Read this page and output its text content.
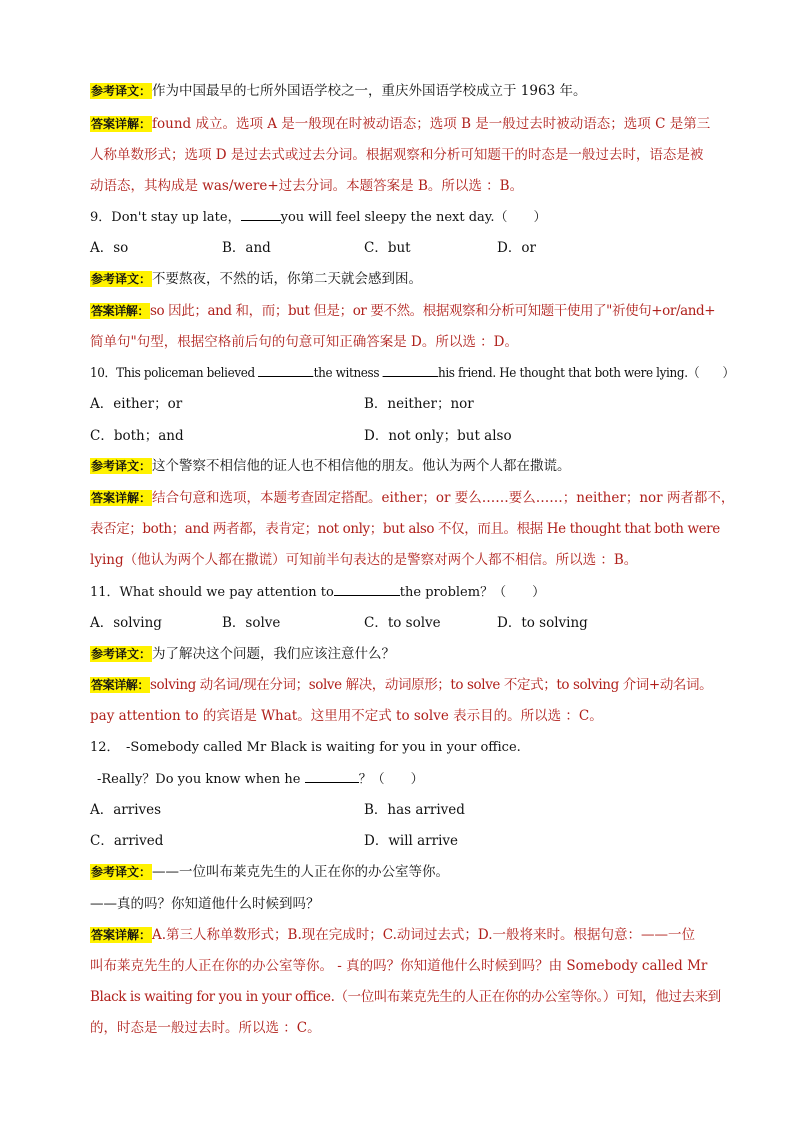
参考译文：作为中国最早的七所外国语学校之一，重庆外国语学校成立于 1963 年。
答案详解：found 成立。选项 A 是一般现在时被动语态；选项 B 是一般过去时被动语态；选项 C 是第三
人称单数形式；选项 D 是过去式或过去分词。根据观察和分析可知题干的时态是一般过去时，语态是被
动语态，其构成是 was/were+过去分词。本题答案是 B。所以选 ：B。
9．Don't stay up late，	you will feel sleepy the next day.（　　）
A．so	B．and	C．but	D．or
参考译文：不要熬夜，不然的话，你第二天就会感到困。
答案详解：so 因此；and 和，而；but 但是；or 要不然。根据观察和分析可知题干使用了"祈使句+or/and+
简单句"句型，根据空格前后句的句意可知正确答案是 D。所以选 ：D。
10．This policeman believed	the witness	his friend. He thought that both were lying.（　　）
A．either；or	B．neither；nor
C．both；and	D．not only；but also
参考译文：这个警察不相信他的证人也不相信他的朋友。他认为两个人都在撒谎。
答案详解：结合句意和选项，本题考查固定搭配。either；or 要么……要么……；neither；nor 两者都不，
表否定；both；and 两者都，表肯定；not only；but also 不仅，而且。根据 He thought that both were
lying（他认为两个人都在撒谎）可知前半句表达的是警察对两个人都不相信。所以选 ：B。
11．What should we pay attention to	the problem？（　　）
A．solving	B．solve	C．to solve	D．to solving
参考译文：为了解决这个问题，我们应该注意什么？
答案详解：solving 动名词/现在分词；solve 解决，动词原形；to solve 不定式；to solving 介词+动名词。
pay attention to 的宾语是 What。这里用不定式 to solve 表示目的。所以选 ：C。
12．　-Somebody called Mr Black is waiting for you in your office.
-Really？Do you know when he	？（　　）
A．arrives	B．has arrived
C．arrived	D．will arrive
参考译文：——一位叫布莱克先生的人正在你的办公室等你。
——真的吗？你知道他什么时候到吗？
答案详解：A.第三人称单数形式；B.现在完成时；C.动词过去式；D.一般将来时。根据句意：——一位
叫布莱克先生的人正在你的办公室等你。 - 真的吗？你知道他什么时候到吗？由 Somebody called Mr
Black is waiting for you in your office.（一位叫布莱克先生的人正在你的办公室等你。）可知，他过去来到
的，时态是一般过去时。所以选 ：C。
